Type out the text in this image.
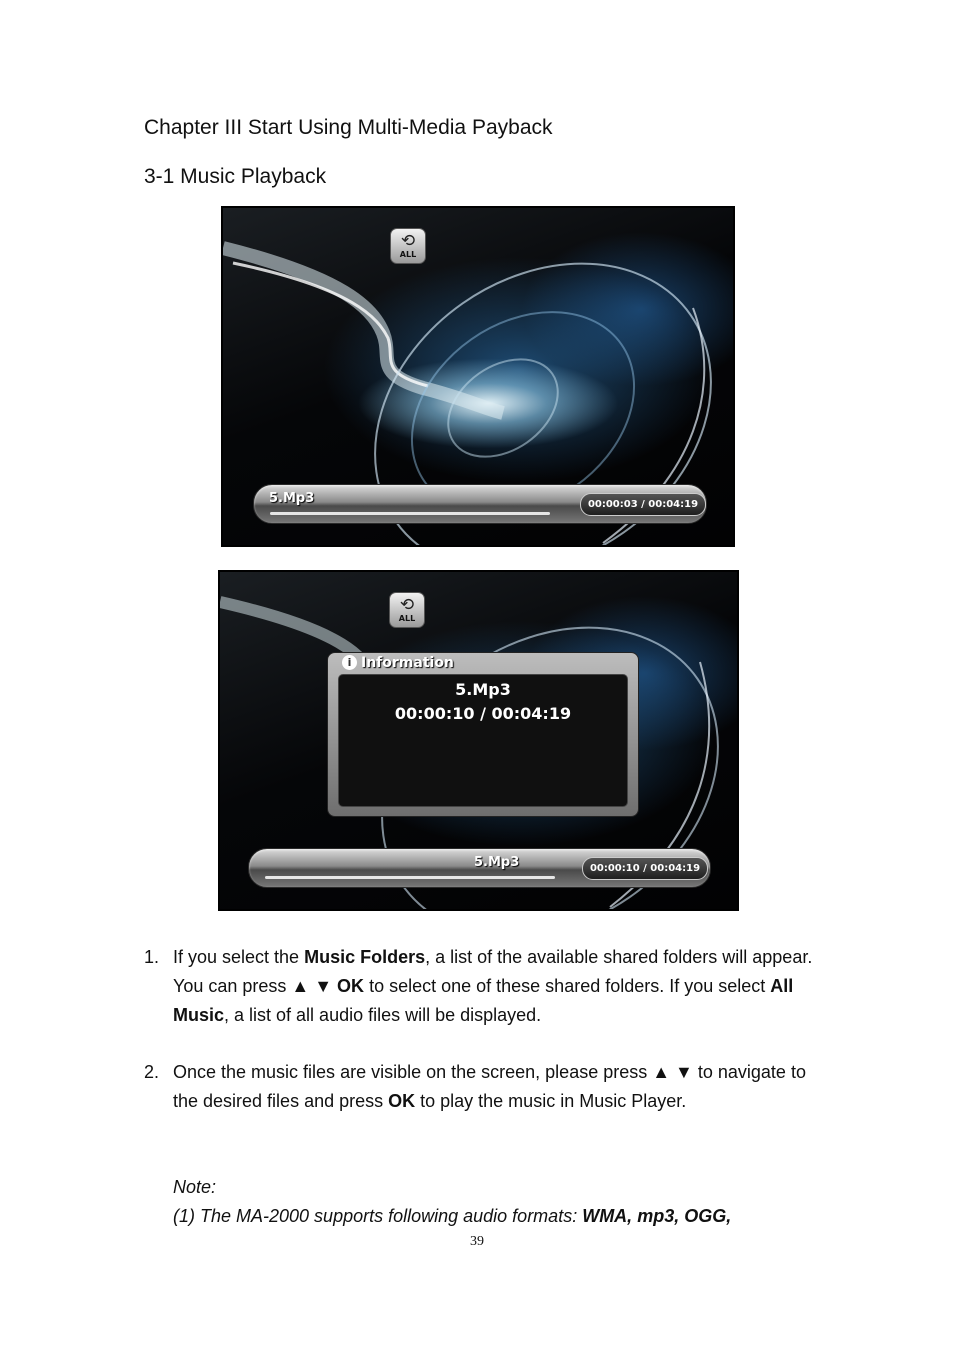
Chapter III Start Using Multi-Media Payback
3-1 Music Playback
⟲
ALL
5.Mp3	00:00:03 / 00:04:19
⟲
ALL
i Information
5.Mp3
00:00:10 / 00:04:19
5.Mp3	00:00:10 / 00:04:19
1. If you select the Music Folders, a list of the available shared folders will appear. You can press ▲ ▼ OK to select one of these shared folders. If you select All Music, a list of all audio files will be displayed.
2. Once the music files are visible on the screen, please press ▲ ▼ to navigate to the desired files and press OK to play the music in Music Player.
Note:
(1) The MA-2000 supports following audio formats: WMA, mp3, OGG,
39
